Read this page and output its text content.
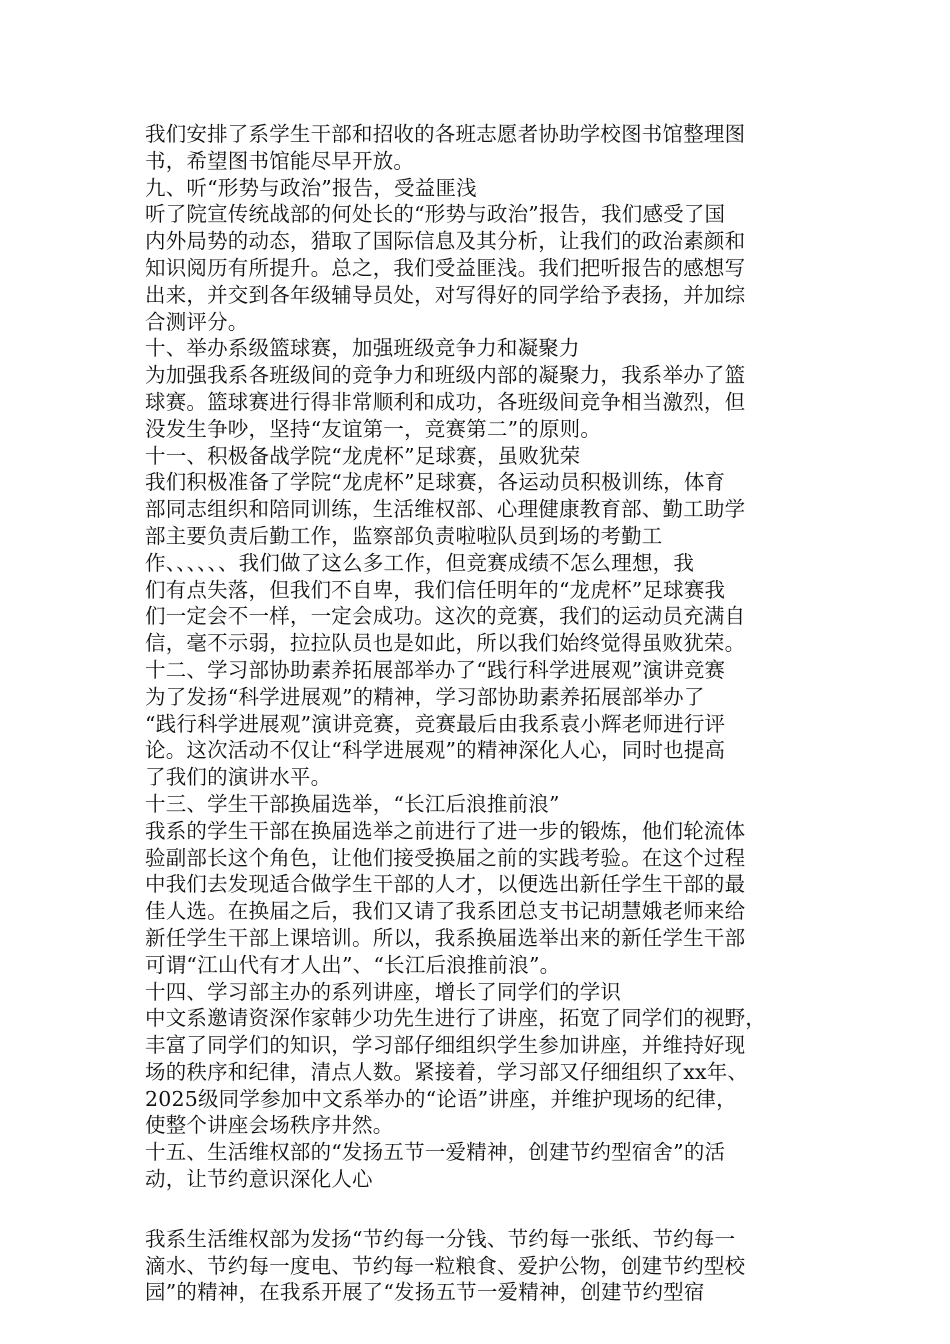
我们安排了系学生干部和招收的各班志愿者协助学校图书馆整理图
书，希望图书馆能尽早开放。
九、听“形势与政治”报告，受益匪浅
听了院宣传统战部的何处长的“形势与政治”报告，我们感受了国
内外局势的动态，猎取了国际信息及其分析，让我们的政治素颜和
知识阅历有所提升。总之，我们受益匪浅。我们把听报告的感想写
出来，并交到各年级辅导员处，对写得好的同学给予表扬，并加综
合测评分。
十、举办系级篮球赛，加强班级竞争力和凝聚力
为加强我系各班级间的竞争力和班级内部的凝聚力，我系举办了篮
球赛。篮球赛进行得非常顺利和成功，各班级间竞争相当激烈，但
没发生争吵，坚持“友谊第一，竞赛第二”的原则。
十一、积极备战学院“龙虎杯”足球赛，虽败犹荣
我们积极准备了学院“龙虎杯”足球赛，各运动员积极训练，体育
部同志组织和陪同训练，生活维权部、心理健康教育部、勤工助学
部主要负责后勤工作，监察部负责啦啦队员到场的考勤工
作、、、、、、我们做了这么多工作，但竞赛成绩不怎么理想，我
们有点失落，但我们不自卑，我们信任明年的“龙虎杯”足球赛我
们一定会不一样，一定会成功。这次的竞赛，我们的运动员充满自
信，毫不示弱，拉拉队员也是如此，所以我们始终觉得虽败犹荣。
十二、学习部协助素养拓展部举办了“践行科学进展观”演讲竞赛
为了发扬“科学进展观”的精神，学习部协助素养拓展部举办了
“践行科学进展观”演讲竞赛，竞赛最后由我系袁小辉老师进行评
论。这次活动不仅让“科学进展观”的精神深化人心，同时也提高
了我们的演讲水平。
十三、学生干部换届选举，“长江后浪推前浪”
我系的学生干部在换届选举之前进行了进一步的锻炼，他们轮流体
验副部长这个角色，让他们接受换届之前的实践考验。在这个过程
中我们去发现适合做学生干部的人才，以便选出新任学生干部的最
佳人选。在换届之后，我们又请了我系团总支书记胡慧娥老师来给
新任学生干部上课培训。所以，我系换届选举出来的新任学生干部
可谓“江山代有才人出”、“长江后浪推前浪”。
十四、学习部主办的系列讲座，增长了同学们的学识
中文系邀请资深作家韩少功先生进行了讲座，拓宽了同学们的视野，
丰富了同学们的知识，学习部仔细组织学生参加讲座，并维持好现
场的秩序和纪律，清点人数。紧接着，学习部又仔细组织了xx年、
2025级同学参加中文系举办的“论语”讲座，并维护现场的纪律，
使整个讲座会场秩序井然。
十五、生活维权部的“发扬五节一爱精神，创建节约型宿舍”的活
动，让节约意识深化人心
我系生活维权部为发扬“节约每一分钱、节约每一张纸、节约每一
滴水、节约每一度电、节约每一粒粮食、爱护公物，创建节约型校
园”的精神，在我系开展了“发扬五节一爱精神，创建节约型宿
